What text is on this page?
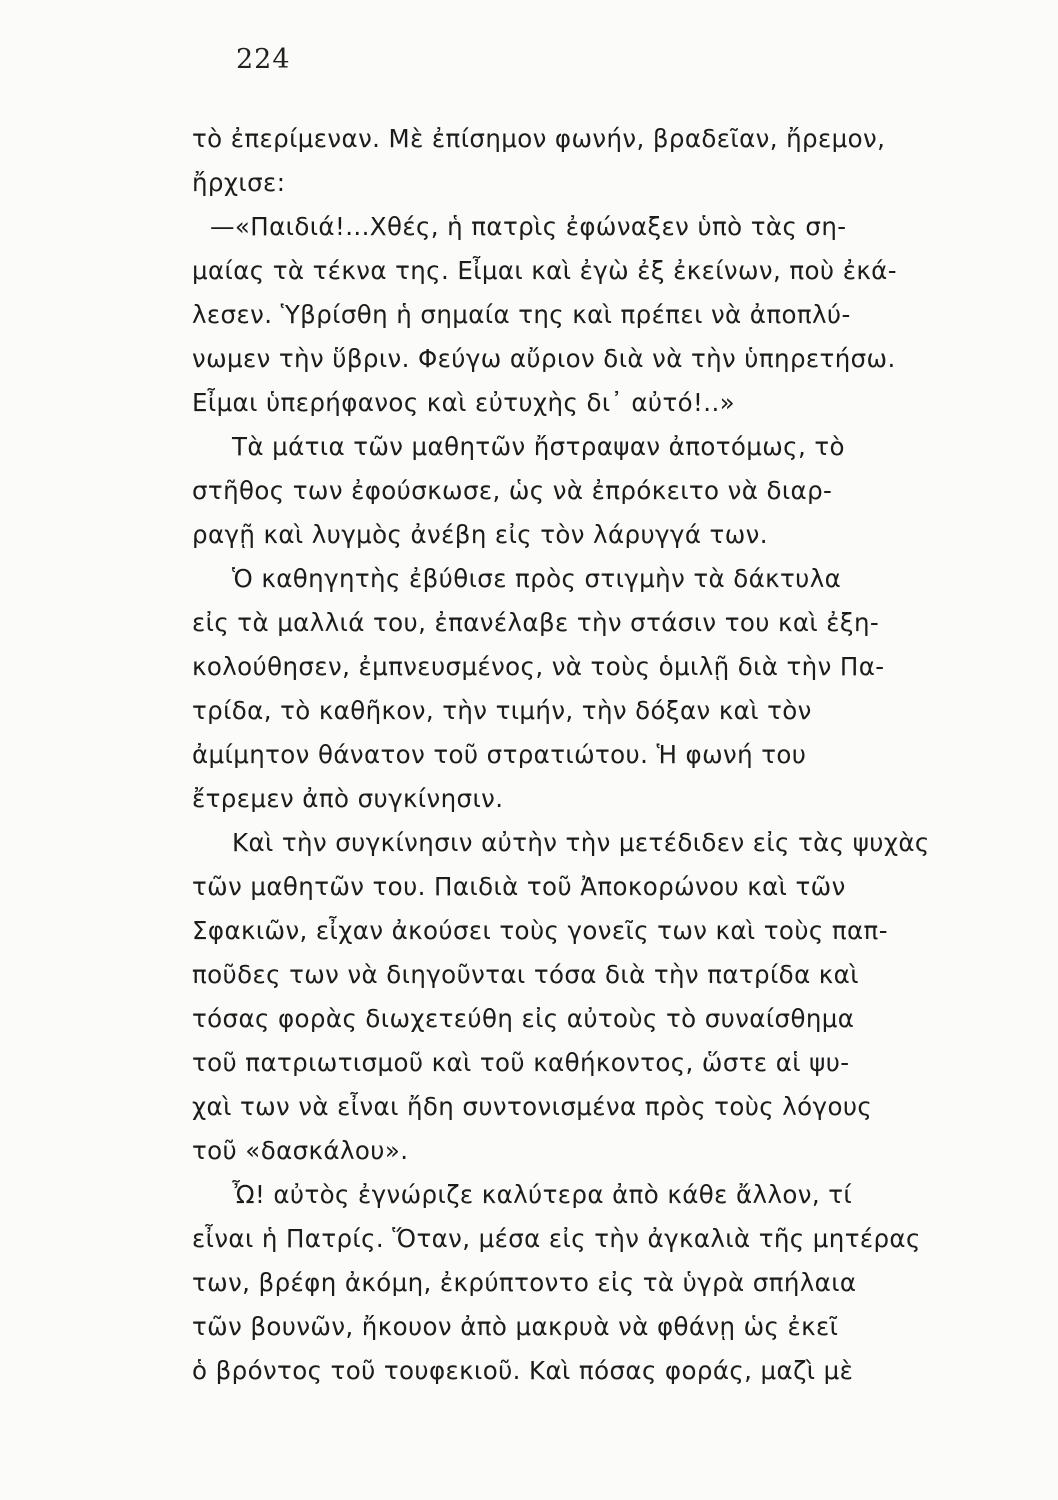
224
τὸ ἐπερίμεναν. Μὲ ἐπίσημον φωνήν, βραδεῖαν, ἤρεμον,
ἤρχισε:
—«Παιδιά!...Χθές, ἡ πατρὶς ἐφώναξεν ὑπὸ τὰς ση-
μαίας τὰ τέκνα της. Εἶμαι καὶ ἐγὼ ἐξ ἐκείνων, ποὺ ἐκά-
λεσεν. Ὑβρίσθη ἡ σημαία της καὶ πρέπει νὰ ἀποπλύ-
νωμεν τὴν ὕβριν. Φεύγω αὔριον διὰ νὰ τὴν ὑπηρετήσω.
Εἶμαι ὑπερήφανος καὶ εὐτυχὴς δι᾽ αὐτό!..»
Τὰ μάτια τῶν μαθητῶν ἤστραψαν ἀποτόμως, τὸ
στῆθος των ἐφούσκωσε, ὡς νὰ ἐπρόκειτο νὰ διαρ-
ραγῇ καὶ λυγμὸς ἀνέβη εἰς τὸν λάρυγγά των.
Ὁ καθηγητὴς ἐβύθισε πρὸς στιγμὴν τὰ δάκτυλα
εἰς τὰ μαλλιά του, ἐπανέλαβε τὴν στάσιν του καὶ ἐξη-
κολούθησεν, ἐμπνευσμένος, νὰ τοὺς ὁμιλῇ διὰ τὴν Πα-
τρίδα, τὸ καθῆκον, τὴν τιμήν, τὴν δόξαν καὶ τὸν
ἀμίμητον θάνατον τοῦ στρατιώτου. Ἡ φωνή του
ἔτρεμεν ἀπὸ συγκίνησιν.
Καὶ τὴν συγκίνησιν αὐτὴν τὴν μετέδιδεν εἰς τὰς ψυχὰς
τῶν μαθητῶν του. Παιδιὰ τοῦ Ἀποκορώνου καὶ τῶν
Σφακιῶν, εἶχαν ἀκούσει τοὺς γονεῖς των καὶ τοὺς παπ-
ποῦδες των νὰ διηγοῦνται τόσα διὰ τὴν πατρίδα καὶ
τόσας φορὰς διωχετεύθη εἰς αὐτοὺς τὸ συναίσθημα
τοῦ πατριωτισμοῦ καὶ τοῦ καθήκοντος, ὥστε αἱ ψυ-
χαὶ των νὰ εἶναι ἤδη συντονισμένα πρὸς τοὺς λόγους
τοῦ «δασκάλου».
Ὦ! αὐτὸς ἐγνώριζε καλύτερα ἀπὸ κάθε ἄλλον, τί
εἶναι ἡ Πατρίς. Ὅταν, μέσα εἰς τὴν ἀγκαλιὰ τῆς μητέρας
των, βρέφη ἀκόμη, ἐκρύπτοντο εἰς τὰ ὑγρὰ σπήλαια
τῶν βουνῶν, ἤκουον ἀπὸ μακρυὰ νὰ φθάνῃ ὡς ἐκεῖ
ὁ βρόντος τοῦ τουφεκιοῦ. Καὶ πόσας φοράς, μαζὶ μὲ
